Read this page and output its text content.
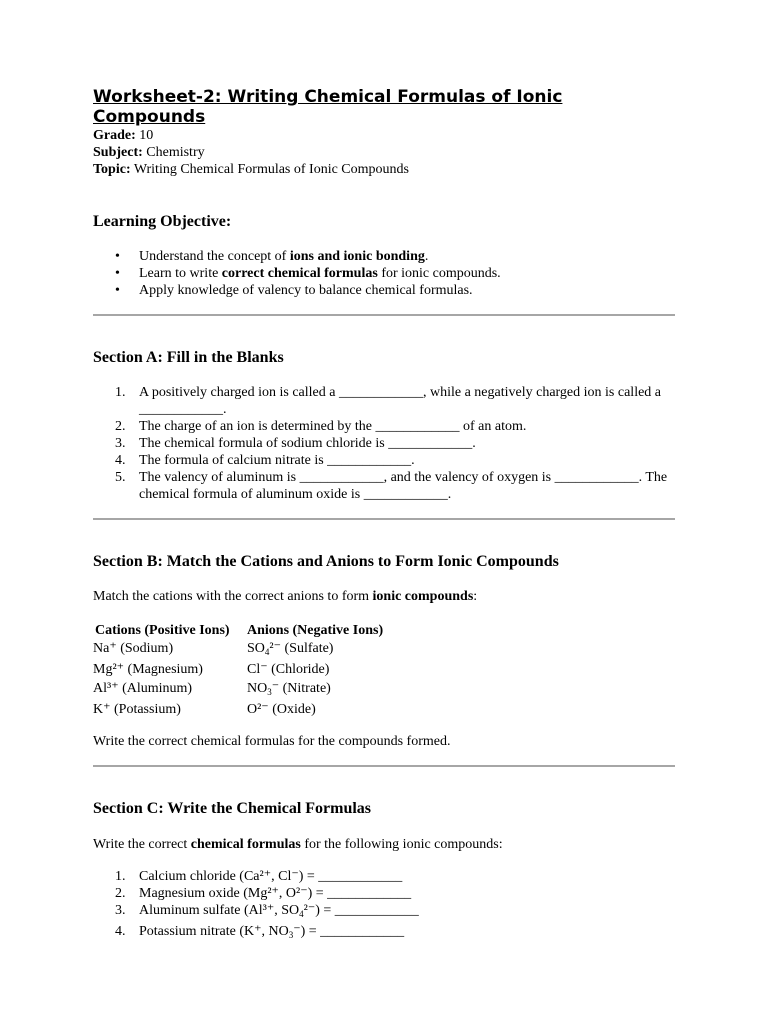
Worksheet-2: Writing Chemical Formulas of Ionic Compounds
Grade: 10
Subject: Chemistry
Topic: Writing Chemical Formulas of Ionic Compounds
Learning Objective:
• Understand the concept of ions and ionic bonding.
• Learn to write correct chemical formulas for ionic compounds.
• Apply knowledge of valency to balance chemical formulas.
Section A: Fill in the Blanks
1. A positively charged ion is called a ____________, while a negatively charged ion is called a ____________.
2. The charge of an ion is determined by the ____________ of an atom.
3. The chemical formula of sodium chloride is ____________.
4. The formula of calcium nitrate is ____________.
5. The valency of aluminum is ____________, and the valency of oxygen is ____________. The chemical formula of aluminum oxide is ____________.
Section B: Match the Cations and Anions to Form Ionic Compounds

Match the cations with the correct anions to form ionic compounds:

Cations (Positive Ions)	Anions (Negative Ions)
Na⁺ (Sodium)	$SO_4^{2-}$ (Sulfate)
Mg²⁺ (Magnesium)	Cl⁻ (Chloride)
Al³⁺ (Aluminum)	$NO_3^-$ (Nitrate)
K⁺ (Potassium)	O²⁻ (Oxide)

Write the correct chemical formulas for the compounds formed.

Section C: Write the Chemical Formulas

Write the correct chemical formulas for the following ionic compounds:

1. Calcium chloride (Ca²⁺, Cl⁻) = ____________
2. Magnesium oxide (Mg²⁺, O²⁻) = ____________
3. Aluminum sulfate (Al³⁺, $SO_4^{2-}$) = ____________
4. Potassium nitrate (K⁺, $NO_3^-$) = ____________
